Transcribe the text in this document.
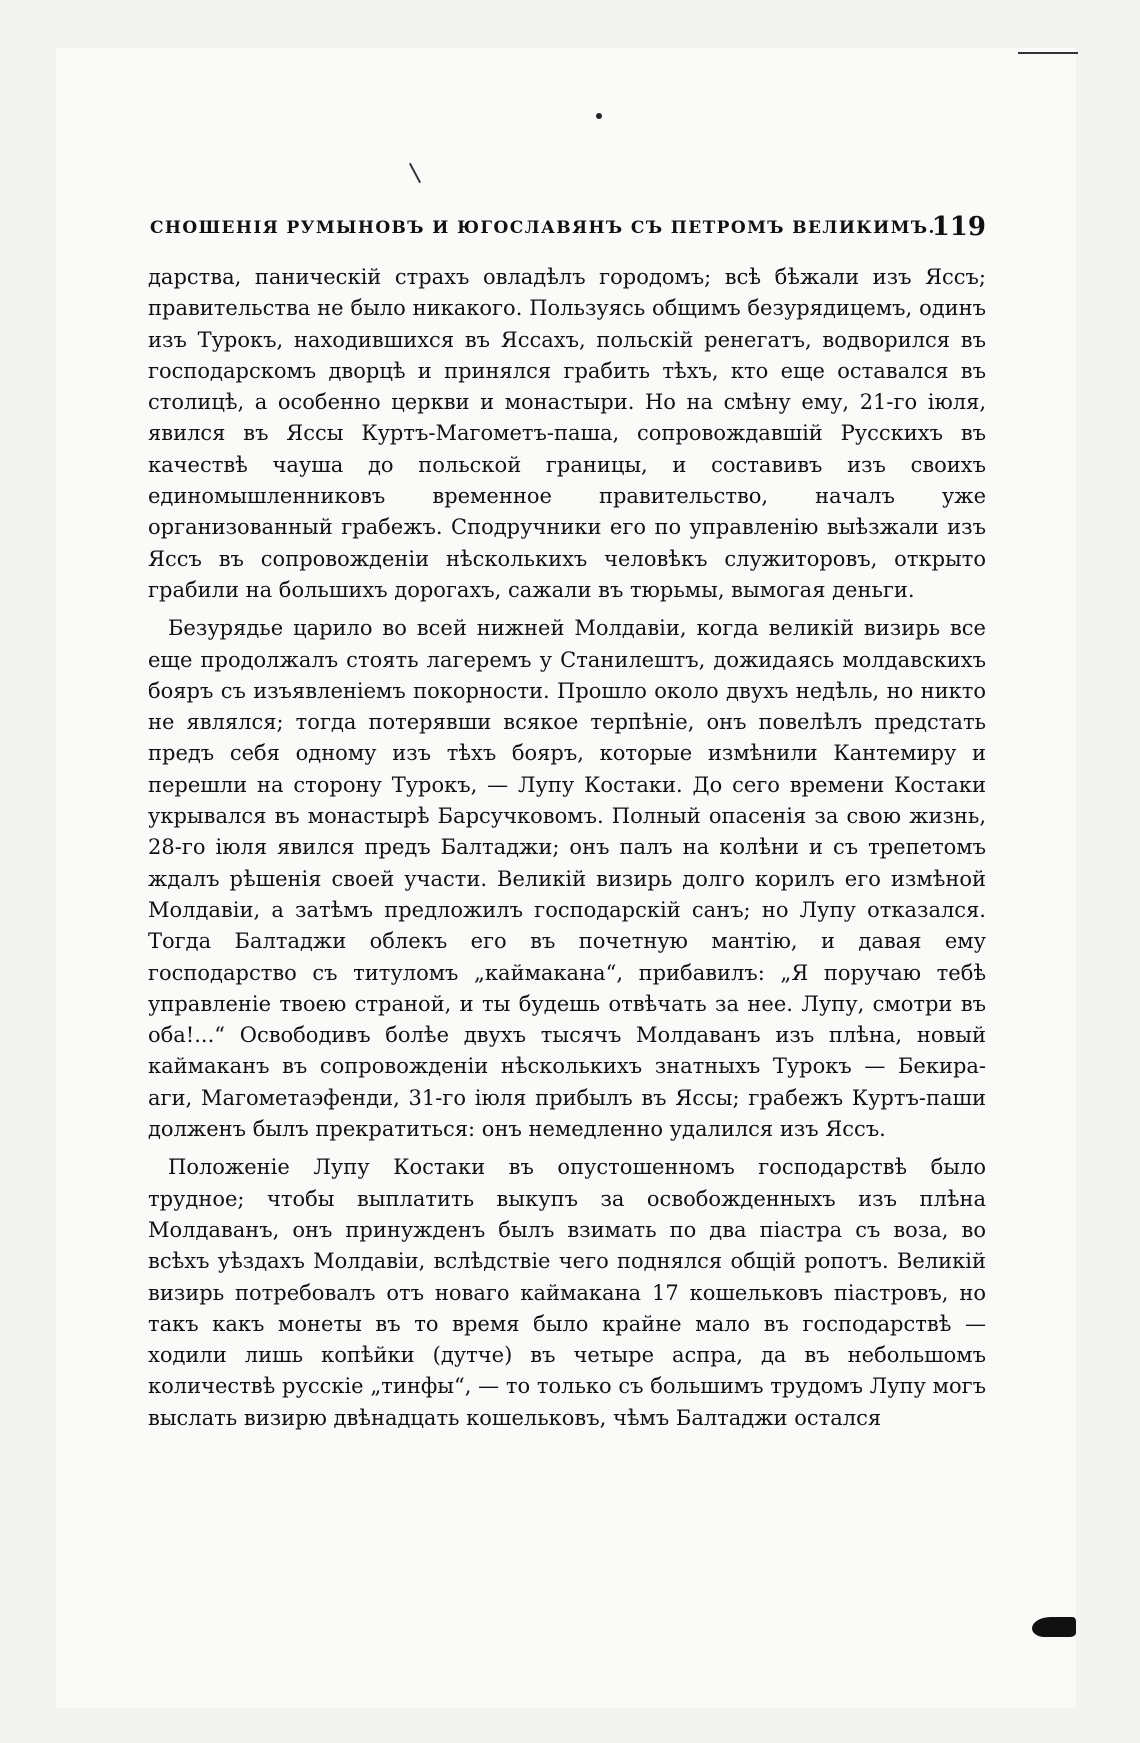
СНОШЕНІЯ РУМЫНОВЪ И ЮГОСЛАВЯНЪ СЪ ПЕТРОМЪ ВЕЛИКИМЪ.
119

дарства, паническій страхъ овладѣлъ городомъ; всѣ бѣжали изъ Яссъ; правительства не было никакого. Пользуясь общимъ безурядицемъ, одинъ изъ Турокъ, находившихся въ Яссахъ, польскій ренегатъ, водворился въ господарскомъ дворцѣ и принялся грабить тѣхъ, кто еще оставался въ столицѣ, а особенно церкви и монастыри. Но на смѣну ему, 21-го іюля, явился въ Яссы Куртъ-Магометъ-паша, сопровождавшій Русскихъ въ качествѣ чауша до польской границы, и составивъ изъ своихъ единомышленниковъ временное правительство, началъ уже организованный грабежъ. Сподручники его по управленію выѣзжали изъ Яссъ въ сопровожденіи нѣсколькихъ человѣкъ служиторовъ, открыто грабили на большихъ дорогахъ, сажали въ тюрьмы, вымогая деньги.

Безурядье царило во всей нижней Молдавіи, когда великій визирь все еще продолжалъ стоять лагеремъ у Станилештъ, дожидаясь молдавскихъ бояръ съ изъявленіемъ покорности. Прошло около двухъ недѣль, но никто не являлся; тогда потерявши всякое терпѣніе, онъ повелѣлъ предстать предъ себя одному изъ тѣхъ бояръ, которые измѣнили Кантемиру и перешли на сторону Турокъ, — Лупу Костаки. До сего времени Костаки укрывался въ монастырѣ Барсучковомъ. Полный опасенія за свою жизнь, 28-го іюля явился предъ Балтаджи; онъ палъ на колѣни и съ трепетомъ ждалъ рѣшенія своей участи. Великій визирь долго корилъ его измѣной Молдавіи, а затѣмъ предложилъ господарскій санъ; но Лупу отказался. Тогда Балтаджи облекъ его въ почетную мантію, и давая ему господарство съ титуломъ „каймакана“, прибавилъ: „Я поручаю тебѣ управленіе твоею страной, и ты будешь отвѣчать за нее. Лупу, смотри въ оба!...“ Освободивъ болѣе двухъ тысячъ Молдаванъ изъ плѣна, новый каймаканъ въ сопровожденіи нѣсколькихъ знатныхъ Турокъ — Бекира-аги, Магометаэфенди, 31-го іюля прибылъ въ Яссы; грабежъ Куртъ-паши долженъ былъ прекратиться: онъ немедленно удалился изъ Яссъ.

Положеніе Лупу Костаки въ опустошенномъ господарствѣ было трудное; чтобы выплатить выкупъ за освобожденныхъ изъ плѣна Молдаванъ, онъ принужденъ былъ взимать по два піастра съ воза, во всѣхъ уѣздахъ Молдавіи, вслѣдствіе чего поднялся общій ропотъ. Великій визирь потребовалъ отъ новаго каймакана 17 кошельковъ піастровъ, но такъ какъ монеты въ то время было крайне мало въ господарствѣ — ходили лишь копѣйки (дутче) въ четыре аспра, да въ небольшомъ количествѣ русскіе „тинфы“, — то только съ большимъ трудомъ Лупу могъ выслать визирю двѣнадцать кошельковъ, чѣмъ Балтаджи остался
